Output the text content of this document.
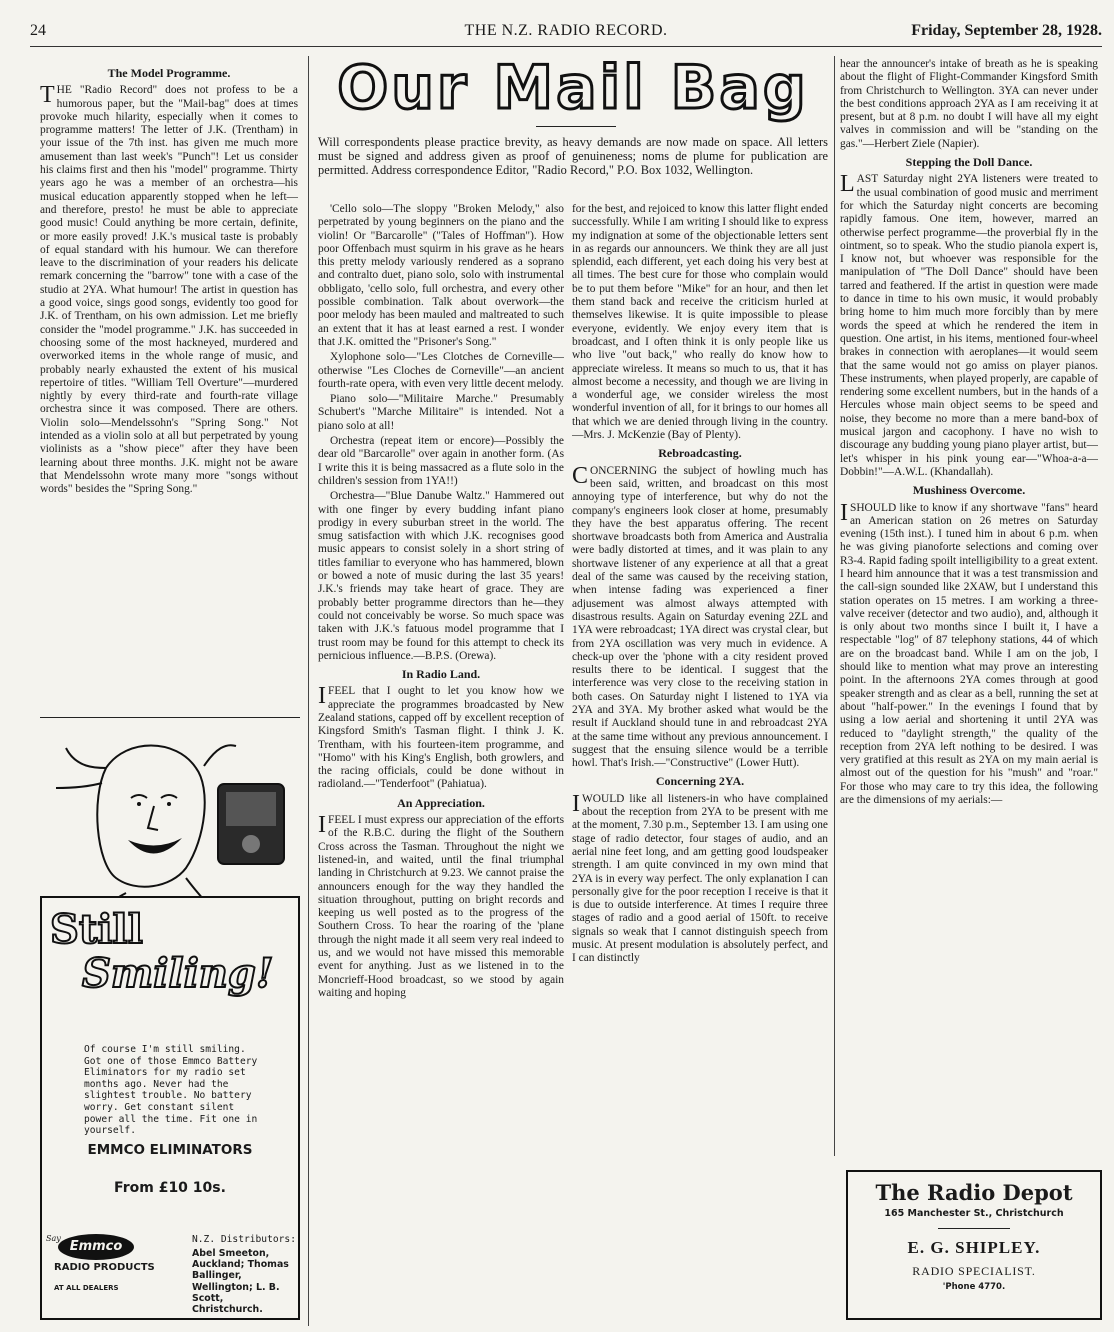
24	THE N.Z. RADIO RECORD.	Friday, September 28, 1928.
The Model Programme.

THE "Radio Record" does not profess to be a humorous paper, but the "Mail-bag" does at times provoke much hilarity, especially when it comes to programme matters! The letter of J.K. (Trentham) in your issue of the 7th inst. has given me much more amusement than last week's "Punch"! Let us consider his claims first and then his "model" programme. Thirty years ago he was a member of an orchestra—his musical education apparently stopped when he left—and therefore, presto! he must be able to appreciate good music! Could anything be more certain, definite, or more easily proved! J.K.'s musical taste is probably of equal standard with his humour. We can therefore leave to the discrimination of your readers his delicate remark concerning the "barrow" tone with a case of the studio at 2YA. What humour! The artist in question has a good voice, sings good songs, evidently too good for J.K. of Trentham, on his own admission. Let me briefly consider the "model programme." J.K. has succeeded in choosing some of the most hackneyed, murdered and overworked items in the whole range of music, and probably nearly exhausted the extent of his musical repertoire of titles. "William Tell Overture"—murdered nightly by every third-rate and fourth-rate village orchestra since it was composed. There are others. Violin solo—Mendelssohn's "Spring Song." Not intended as a violin solo at all but perpetrated by young violinists as a "show piece" after they have been learning about three months. J.K. might not be aware that Mendelssohn wrote many more "songs without words" besides the "Spring Song."

Our Mail Bag
Will correspondents please practice brevity, as heavy demands are now made on space. All letters must be signed and address given as proof of genuineness; noms de plume for publication are permitted. Address correspondence Editor, "Radio Record," P.O. Box 1032, Wellington.

'Cello solo—The sloppy "Broken Melody," also perpetrated by young beginners on the piano and the violin! Or "Barcarolle" ("Tales of Hoffman"). How poor Offenbach must squirm in his grave as he hears this pretty melody variously rendered as a soprano and contralto duet, piano solo, solo with instrumental obbligato, 'cello solo, full orchestra, and every other possible combination. Talk about overwork—the poor melody has been mauled and maltreated to such an extent that it has at least earned a rest. I wonder that J.K. omitted the "Prisoner's Song."

Xylophone solo—"Les Clotches de Corneville—otherwise "Les Cloches de Corneville"—an ancient fourth-rate opera, with even very little decent melody.

Piano solo—"Militaire Marche." Presumably Schubert's "Marche Militaire" is intended. Not a piano solo at all!

Orchestra (repeat item or encore)—Possibly the dear old "Barcarolle" over again in another form. (As I write this it is being massacred as a flute solo in the children's session from 1YA!!)

Orchestra—"Blue Danube Waltz." Hammered out with one finger by every budding infant piano prodigy in every suburban street in the world. The smug satisfaction with which J.K. recognises good music appears to consist solely in a short string of titles familiar to everyone who has hammered, blown or bowed a note of music during the last 35 years! J.K.'s friends may take heart of grace. They are probably better programme directors than he—they could not conceivably be worse. So much space was taken with J.K.'s fatuous model programme that I trust room may be found for this attempt to check its pernicious influence.—B.P.S. (Orewa).

In Radio Land.

IFEEL that I ought to let you know how we appreciate the programmes broadcasted by New Zealand stations, capped off by excellent reception of Kingsford Smith's Tasman flight. I think J. K. Trentham, with his fourteen-item programme, and "Homo" with his King's English, both growlers, and the racing officials, could be done without in radioland.—"Tenderfoot" (Pahiatua).

An Appreciation.

IFEEL I must express our appreciation of the efforts of the R.B.C. during the flight of the Southern Cross across the Tasman. Throughout the night we listened-in, and waited, until the final triumphal landing in Christchurch at 9.23. We cannot praise the announcers enough for the way they handled the situation throughout, putting on bright records and keeping us well posted as to the progress of the Southern Cross. To hear the roaring of the 'plane through the night made it all seem very real indeed to us, and we would not have missed this memorable event for anything. Just as we listened in to the Moncrieff-Hood broadcast, so we stood by again waiting and hoping

for the best, and rejoiced to know this latter flight ended successfully. While I am writing I should like to express my indignation at some of the objectionable letters sent in as regards our announcers. We think they are all just splendid, each different, yet each doing his very best at all times. The best cure for those who complain would be to put them before "Mike" for an hour, and then let them stand back and receive the criticism hurled at themselves likewise. It is quite impossible to please everyone, evidently. We enjoy every item that is broadcast, and I often think it is only people like us who live "out back," who really do know how to appreciate wireless. It means so much to us, that it has almost become a necessity, and though we are living in a wonderful age, we consider wireless the most wonderful invention of all, for it brings to our homes all that which we are denied through living in the country.—Mrs. J. McKenzie (Bay of Plenty).

Rebroadcasting.

CONCERNING the subject of howling much has been said, written, and broadcast on this most annoying type of interference, but why do not the company's engineers look closer at home, presumably they have the best apparatus offering. The recent shortwave broadcasts both from America and Australia were badly distorted at times, and it was plain to any shortwave listener of any experience at all that a great deal of the same was caused by the receiving station, when intense fading was experienced a finer adjusement was almost always attempted with disastrous results. Again on Saturday evening 2ZL and 1YA were rebroadcast; 1YA direct was crystal clear, but from 2YA oscillation was very much in evidence. A check-up over the 'phone with a city resident proved results there to be identical. I suggest that the interference was very close to the receiving station in both cases. On Saturday night I listened to 1YA via 2YA and 3YA. My brother asked what would be the result if Auckland should tune in and rebroadcast 2YA at the same time without any previous announcement. I suggest that the ensuing silence would be a terrible howl. That's Irish.—"Constructive" (Lower Hutt).

Concerning 2YA.

IWOULD like all listeners-in who have complained about the reception from 2YA to be present with me at the moment, 7.30 p.m., September 13. I am using one stage of radio detector, four stages of audio, and an aerial nine feet long, and am getting good loudspeaker strength. I am quite convinced in my own mind that 2YA is in every way perfect. The only explanation I can personally give for the poor reception I receive is that it is due to outside interference. At times I require three stages of radio and a good aerial of 150ft. to receive signals so weak that I cannot distinguish speech from music. At present modulation is absolutely perfect, and I can distinctly

hear the announcer's intake of breath as he is speaking about the flight of Flight-Commander Kingsford Smith from Christchurch to Wellington. 3YA can never under the best conditions approach 2YA as I am receiving it at present, but at 8 p.m. no doubt I will have all my eight valves in commission and will be "standing on the gas."—Herbert Ziele (Napier).

Stepping the Doll Dance.

LAST Saturday night 2YA listeners were treated to the usual combination of good music and merriment for which the Saturday night concerts are becoming rapidly famous. One item, however, marred an otherwise perfect programme—the proverbial fly in the ointment, so to speak. Who the studio pianola expert is, I know not, but whoever was responsible for the manipulation of "The Doll Dance" should have been tarred and feathered. If the artist in question were made to dance in time to his own music, it would probably bring home to him much more forcibly than by mere words the speed at which he rendered the item in question. One artist, in his items, mentioned four-wheel brakes in connection with aeroplanes—it would seem that the same would not go amiss on player pianos. These instruments, when played properly, are capable of rendering some excellent numbers, but in the hands of a Hercules whose main object seems to be speed and noise, they become no more than a mere band-box of musical jargon and cacophony. I have no wish to discourage any budding young piano player artist, but—let's whisper in his pink young ear—"Whoa-a-a—Dobbin!"—A.W.L. (Khandallah).

Mushiness Overcome.

ISHOULD like to know if any shortwave "fans" heard an American station on 26 metres on Saturday evening (15th inst.). I tuned him in about 6 p.m. when he was giving pianoforte selections and coming over R3-4. Rapid fading spoilt intelligibility to a great extent. I heard him announce that it was a test transmission and the call-sign sounded like 2XAW, but I understand this station operates on 15 metres. I am working a three-valve receiver (detector and two audio), and, although it is only about two months since I built it, I have a respectable "log" of 87 telephony stations, 44 of which are on the broadcast band. While I am on the job, I should like to mention what may prove an interesting point. In the afternoons 2YA comes through at good speaker strength and as clear as a bell, running the set at about "half-power." In the evenings I found that by using a low aerial and shortening it until 2YA was reduced to "daylight strength," the quality of the reception from 2YA left nothing to be desired. I was very gratified at this result as 2YA on my main aerial is almost out of the question for his "mush" and "roar." For those who may care to try this idea, the following are the dimensions of my aerials:—

Still
Smiling!
Of course I'm still smiling. Got one of those Emmco Battery Eliminators for my radio set months ago. Never had the slightest trouble. No battery worry. Get constant silent power all the time. Fit one in yourself.
EMMCO ELIMINATORS
From £10 10s.
Say
Emmco
RADIO PRODUCTS
AT ALL DEALERS
N.Z. Distributors:
Abel Smeeton, Auckland; Thomas Ballinger, Wellington; L. B. Scott, Christchurch.
The Radio Depot
165 Manchester St., Christchurch
E. G. SHIPLEY.
RADIO SPECIALIST.
'Phone 4770.
